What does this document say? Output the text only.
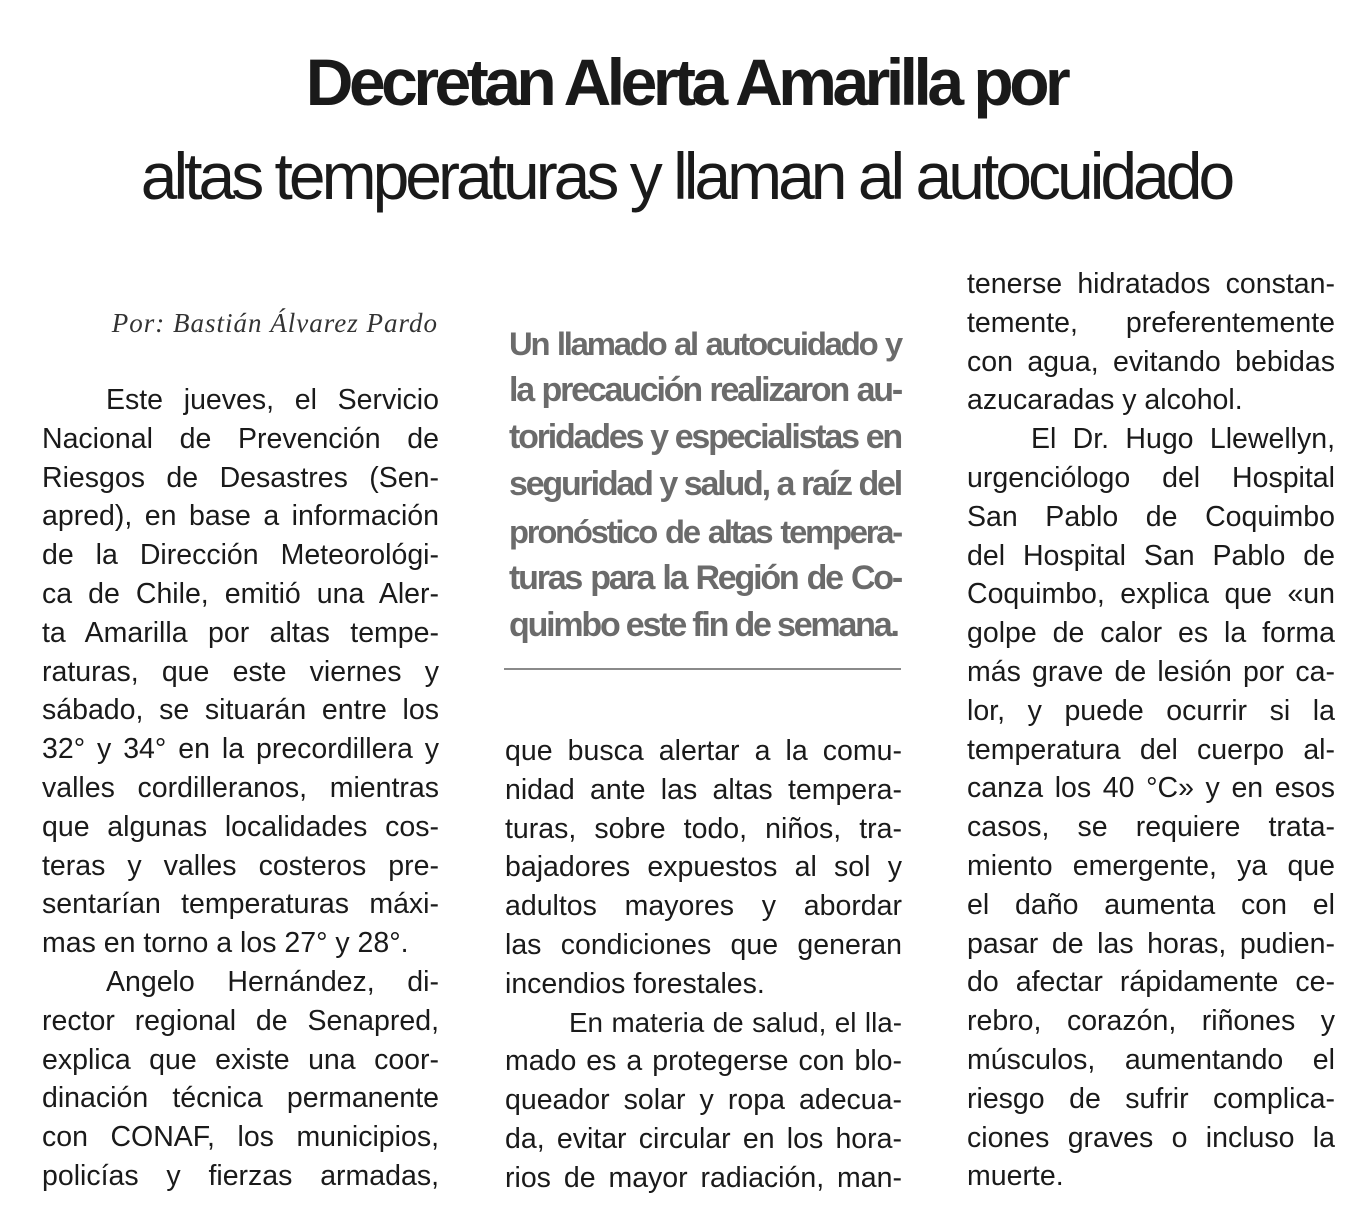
Decretan Alerta Amarilla por
altas temperaturas y llaman al autocuidado
Por: Bastián Álvarez Pardo
Este jueves, el Servicio
Nacional de Prevención de
Riesgos de Desastres (Sen-
apred), en base a información
de la Dirección Meteorológi-
ca de Chile, emitió una Aler-
ta Amarilla por altas tempe-
raturas, que este viernes y
sábado, se situarán entre los
32° y 34° en la precordillera y
valles cordilleranos, mientras
que algunas localidades cos-
teras y valles costeros pre-
sentarían temperaturas máxi-
mas en torno a los 27° y 28°.
Angelo Hernández, di-
rector regional de Senapred,
explica que existe una coor-
dinación técnica permanente
con CONAF, los municipios,
policías y fierzas armadas,
Un llamado al autocuidado y
la precaución realizaron au-
toridades y especialistas en
seguridad y salud, a raíz del
pronóstico de altas tempera-
turas para la Región de Co-
quimbo este fin de semana.
que busca alertar a la comu-
nidad ante las altas tempera-
turas, sobre todo, niños, tra-
bajadores expuestos al sol y
adultos mayores y abordar
las condiciones que generan
incendios forestales.
En materia de salud, el lla-
mado es a protegerse con blo-
queador solar y ropa adecua-
da, evitar circular en los hora-
rios de mayor radiación, man-
tenerse hidratados constan-
temente, preferentemente
con agua, evitando bebidas
azucaradas y alcohol.
El Dr. Hugo Llewellyn,
urgenciólogo del Hospital
San Pablo de Coquimbo
del Hospital San Pablo de
Coquimbo, explica que «un
golpe de calor es la forma
más grave de lesión por ca-
lor, y puede ocurrir si la
temperatura del cuerpo al-
canza los 40 °C» y en esos
casos, se requiere trata-
miento emergente, ya que
el daño aumenta con el
pasar de las horas, pudien-
do afectar rápidamente ce-
rebro, corazón, riñones y
músculos, aumentando el
riesgo de sufrir complica-
ciones graves o incluso la
muerte.
